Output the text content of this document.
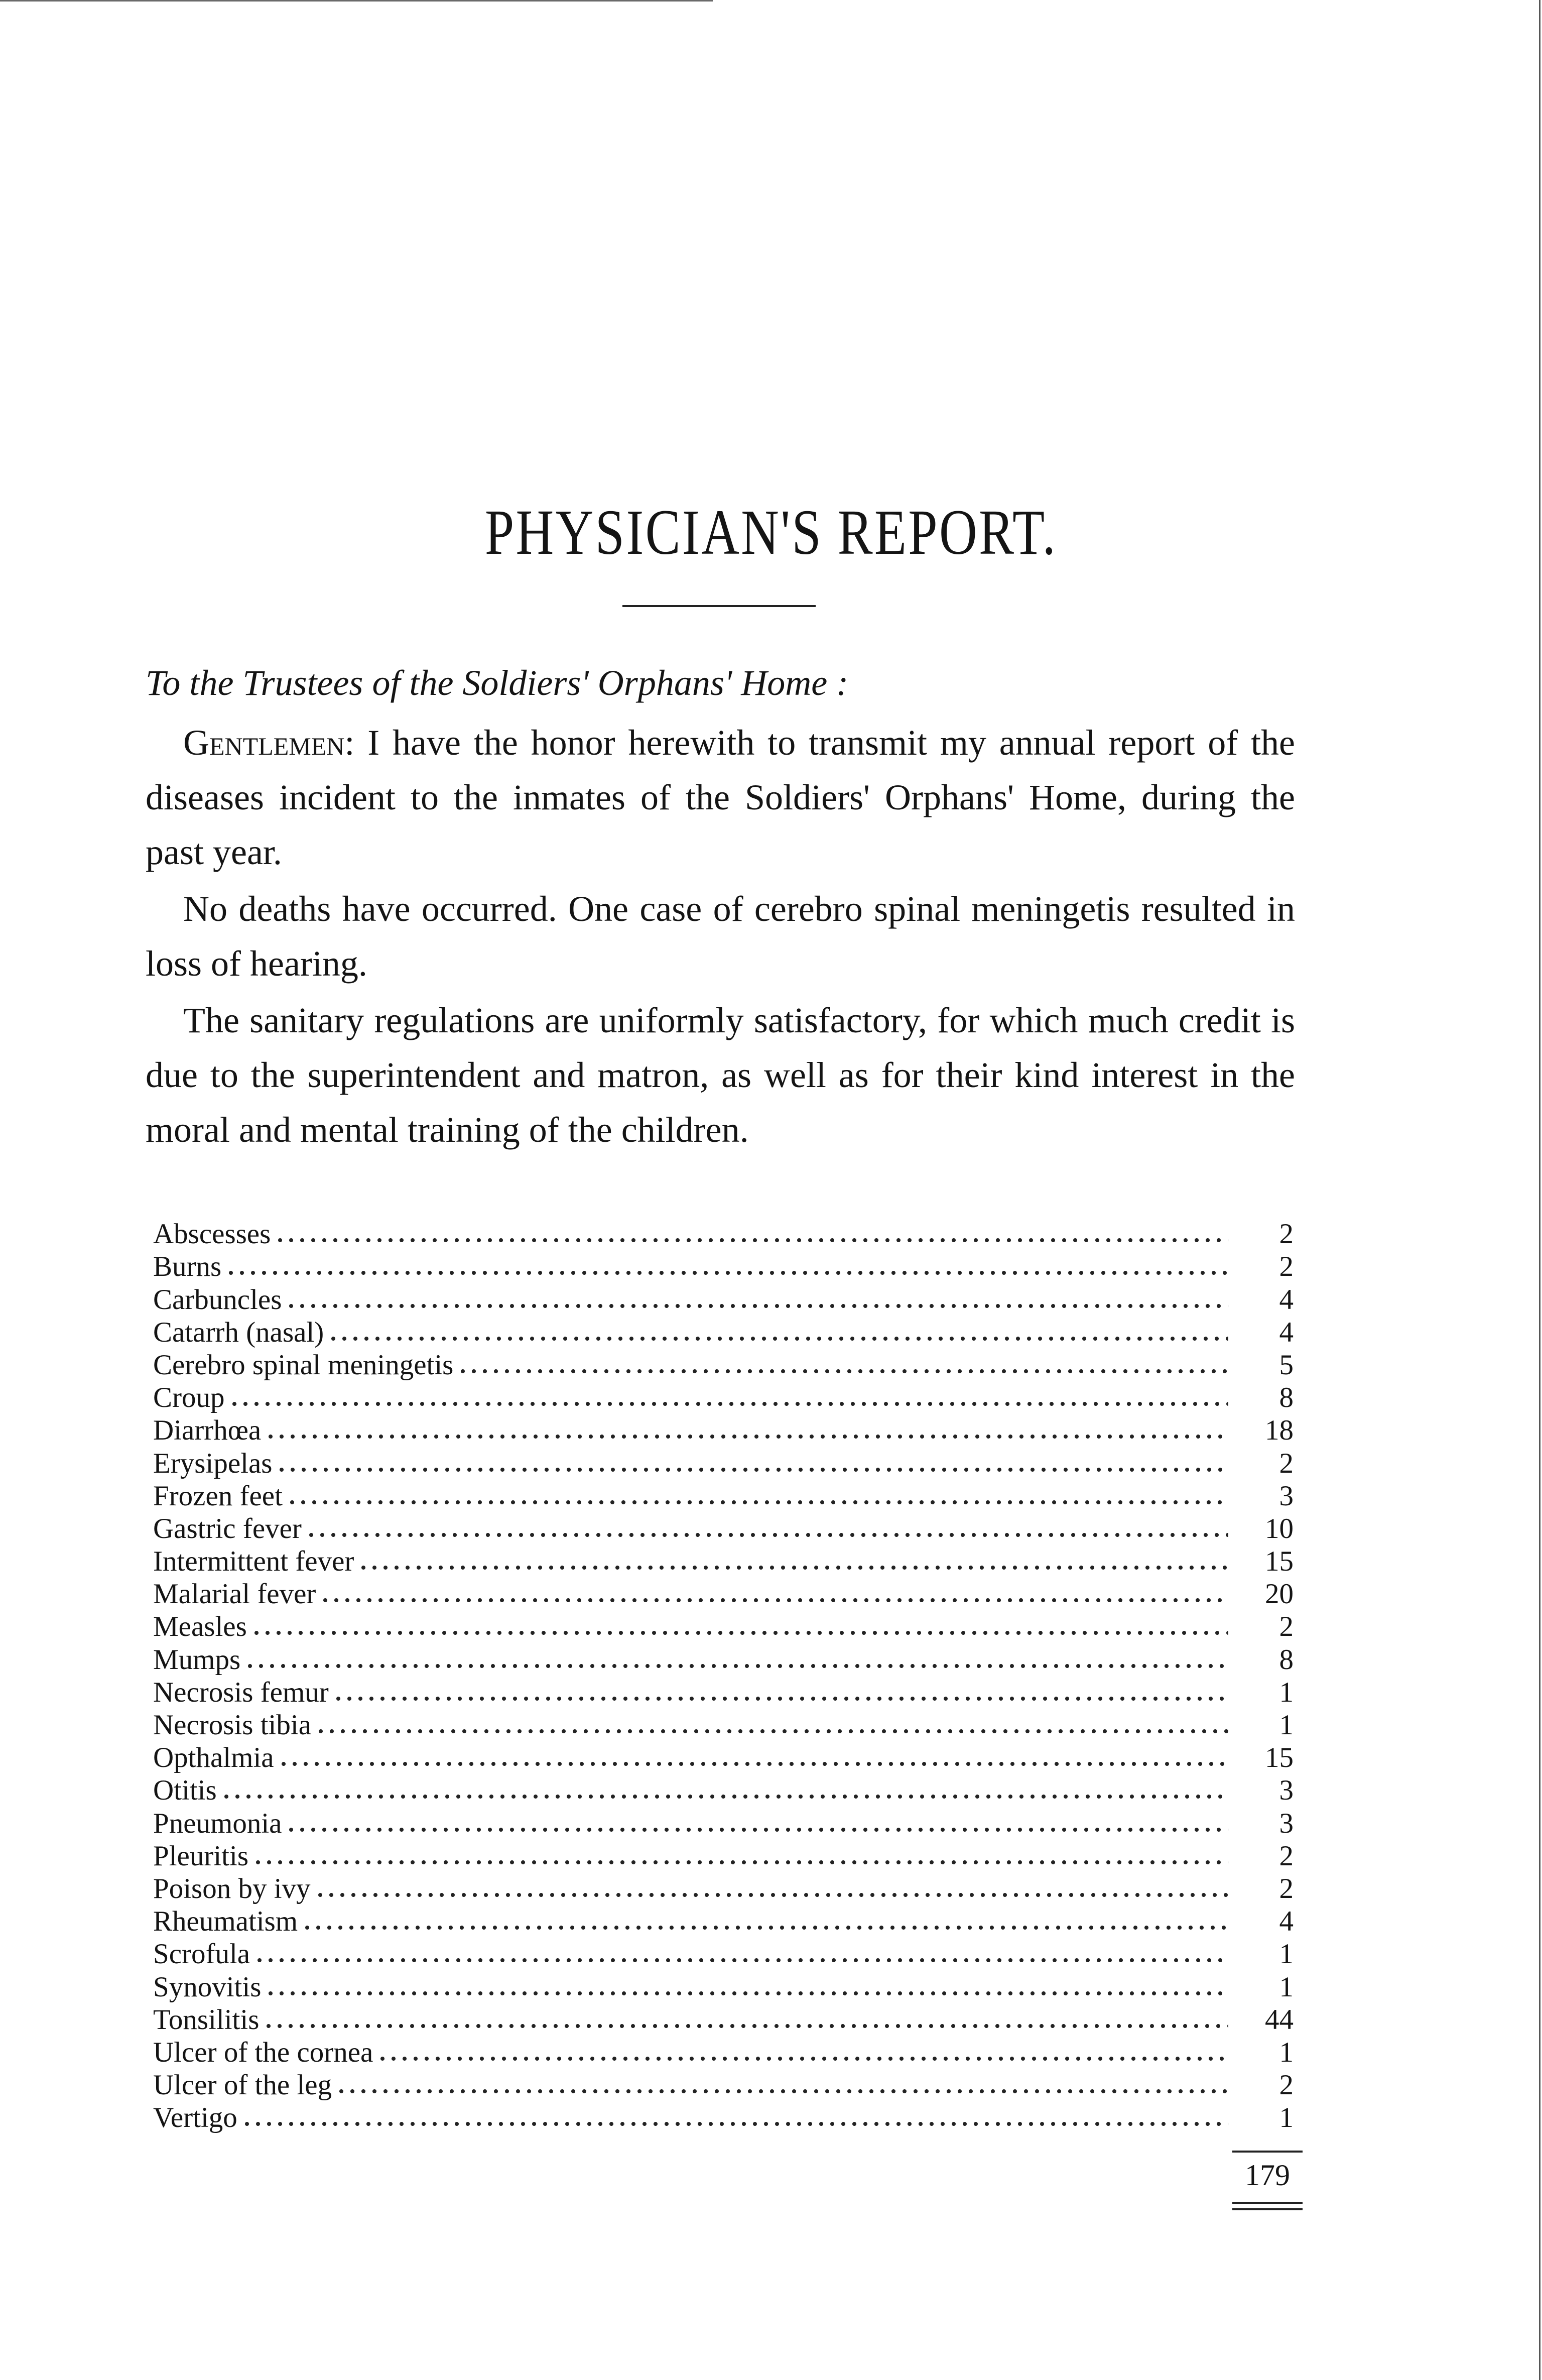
PHYSICIAN'S REPORT.
To the Trustees of the Soldiers' Orphans' Home :

Gentlemen: I have the honor herewith to transmit my annual report of the diseases incident to the inmates of the Soldiers' Orphans' Home, during the past year.

No deaths have occurred. One case of cerebro spinal meningetis resulted in loss of hearing.

The sanitary regulations are uniformly satisfactory, for which much credit is due to the superintendent and matron, as well as for their kind interest in the moral and mental training of the children.

Abscesses	2
Burns	2
Carbuncles	4
Catarrh (nasal)	4
Cerebro spinal meningetis	5
Croup	8
Diarrhœa	18
Erysipelas	2
Frozen feet	3
Gastric fever	10
Intermittent fever	15
Malarial fever	20
Measles	2
Mumps	8
Necrosis femur	1
Necrosis tibia	1
Opthalmia	15
Otitis	3
Pneumonia	3
Pleuritis	2
Poison by ivy	2
Rheumatism	4
Scrofula	1
Synovitis	1
Tonsilitis	44
Ulcer of the cornea	1
Ulcer of the leg	2
Vertigo	1
179
